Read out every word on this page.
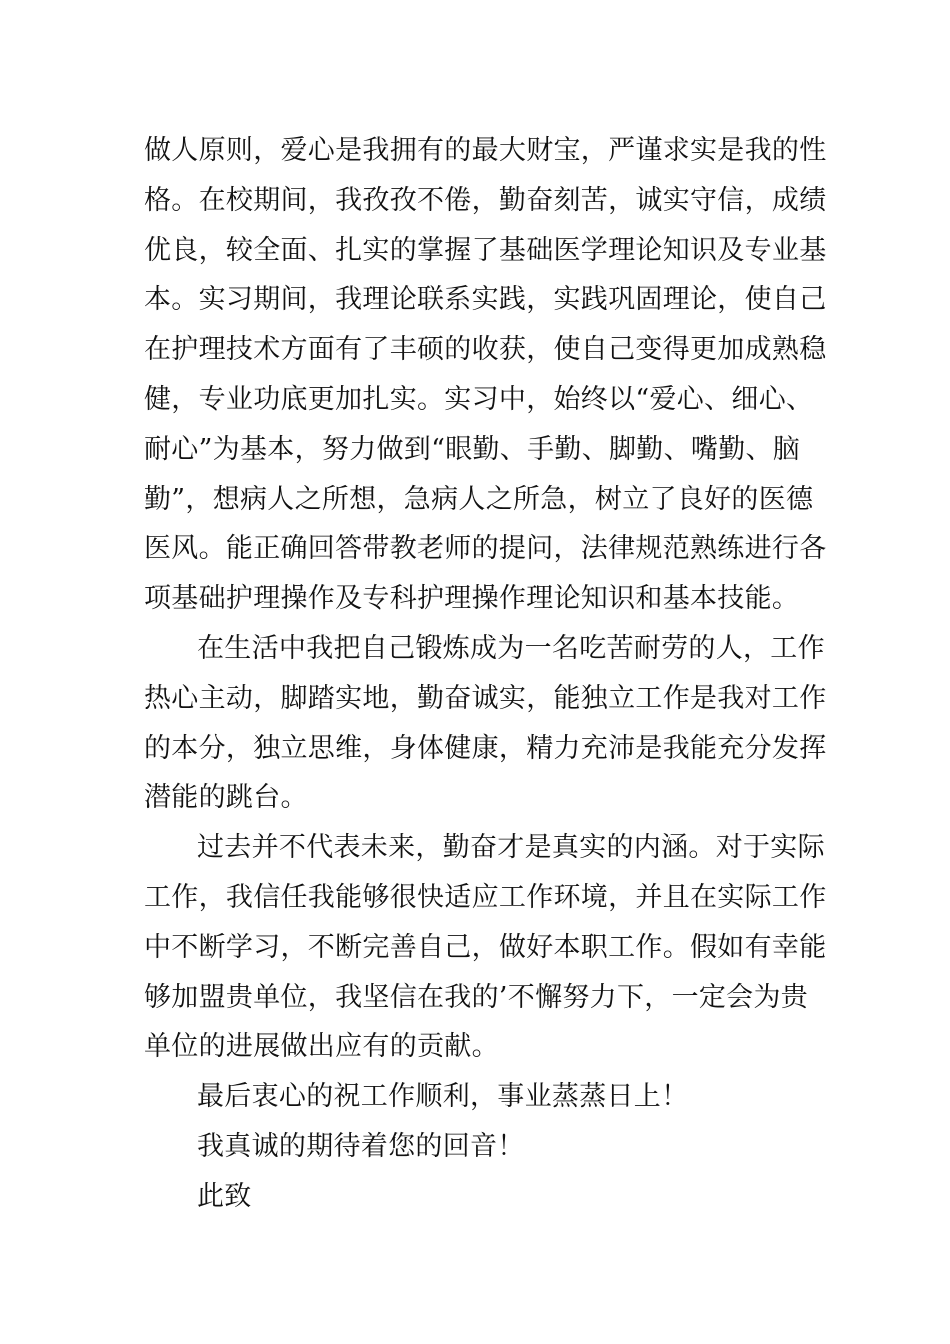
做人原则，爱心是我拥有的最大财宝，严谨求实是我的性
格。在校期间，我孜孜不倦，勤奋刻苦，诚实守信，成绩
优良，较全面、扎实的掌握了基础医学理论知识及专业基
本。实习期间，我理论联系实践，实践巩固理论，使自己
在护理技术方面有了丰硕的收获，使自己变得更加成熟稳
健，专业功底更加扎实。实习中，始终以“爱心、细心、
耐心”为基本，努力做到“眼勤、手勤、脚勤、嘴勤、脑
勤”，想病人之所想，急病人之所急，树立了良好的医德
医风。能正确回答带教老师的提问，法律规范熟练进行各
项基础护理操作及专科护理操作理论知识和基本技能。
在生活中我把自己锻炼成为一名吃苦耐劳的人，工作
热心主动，脚踏实地，勤奋诚实，能独立工作是我对工作
的本分，独立思维，身体健康，精力充沛是我能充分发挥
潜能的跳台。
过去并不代表未来，勤奋才是真实的内涵。对于实际
工作，我信任我能够很快适应工作环境，并且在实际工作
中不断学习，不断完善自己，做好本职工作。假如有幸能
够加盟贵单位，我坚信在我的’不懈努力下，一定会为贵
单位的进展做出应有的贡献。
最后衷心的祝工作顺利，事业蒸蒸日上！
我真诚的期待着您的回音！
此致
